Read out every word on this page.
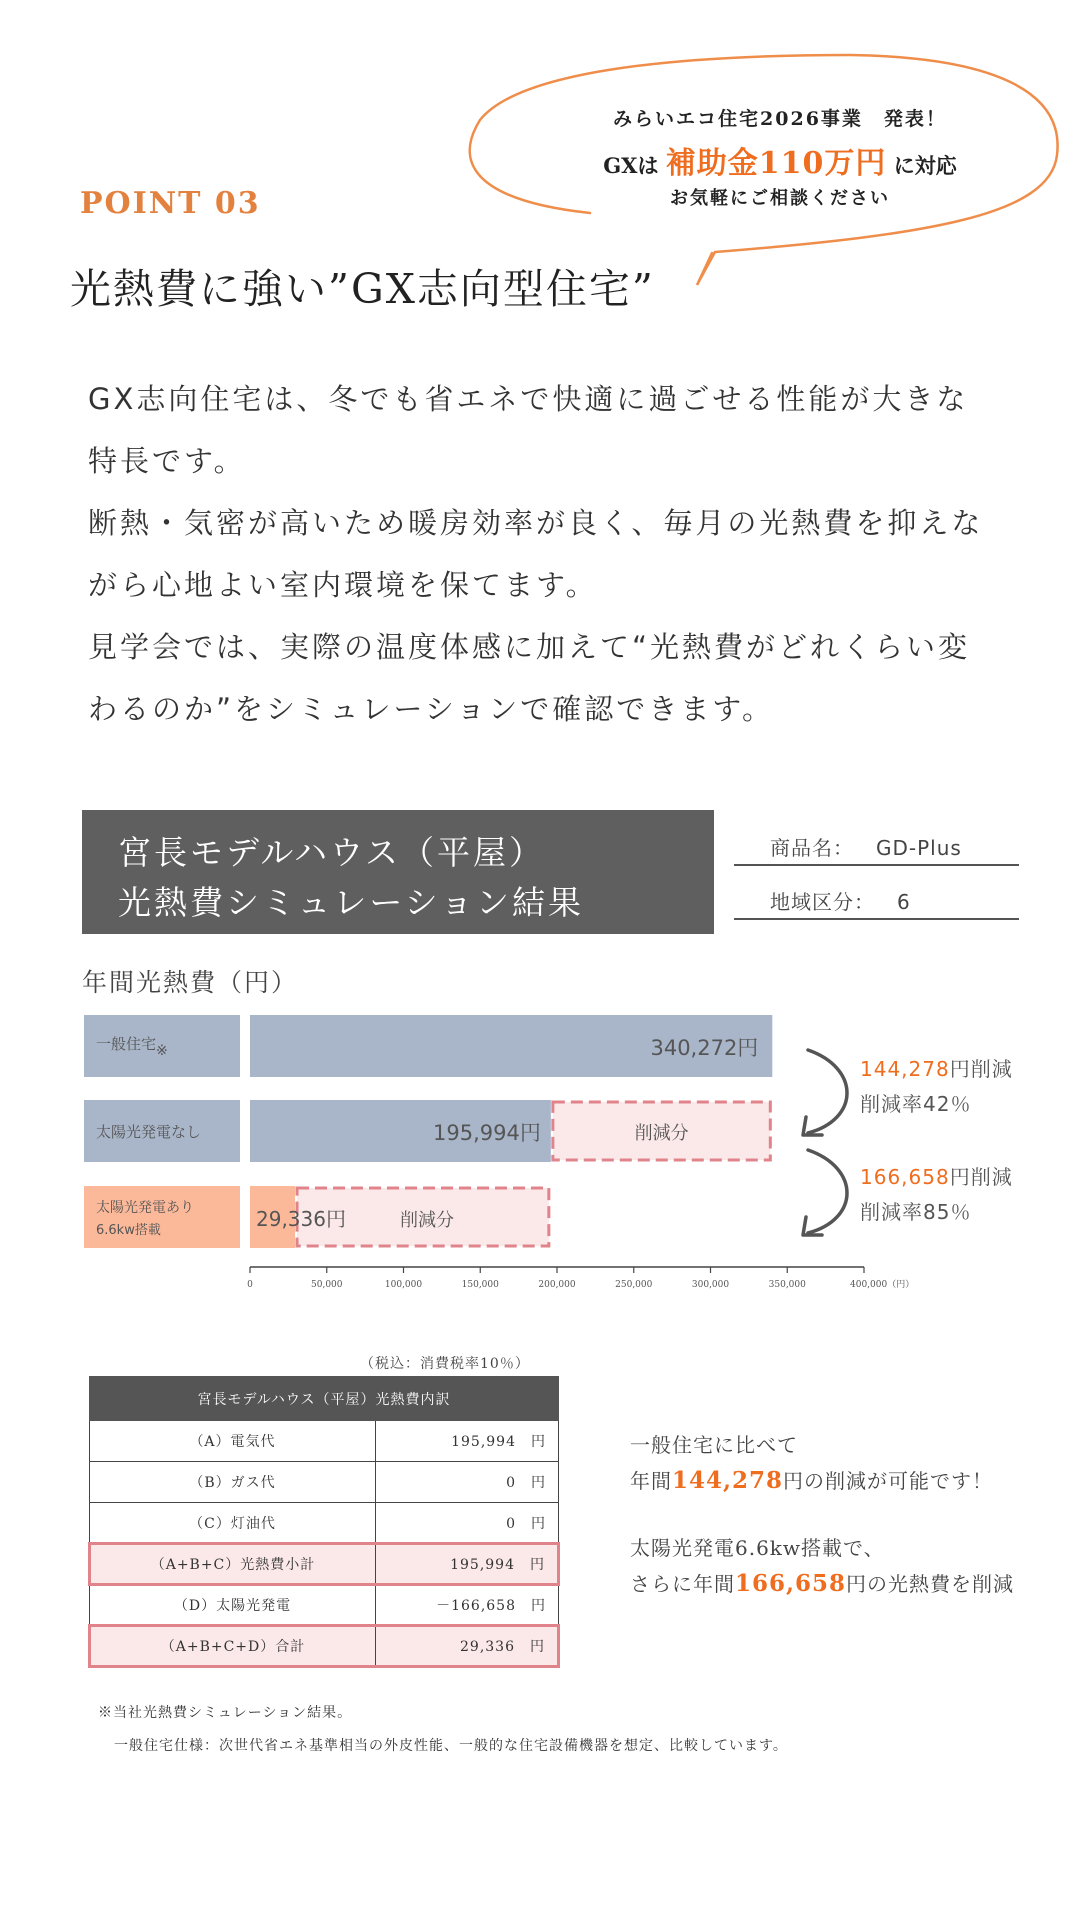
みらいエコ住宅2026事業　発表！
GXは 補助金110万円 に対応
お気軽にご相談ください
POINT 03
光熱費に強い”GX志向型住宅”

GX志向住宅は、冬でも省エネで快適に過ごせる性能が大きな

特長です。

断熱・気密が高いため暖房効率が良く、毎月の光熱費を抑えな

がら心地よい室内環境を保てます。

見学会では、実際の温度体感に加えて“光熱費がどれくらい変

わるのか”をシミュレーションで確認できます。

宮長モデルハウス（平屋）
光熱費シミュレーション結果
商品名： GD-Plus
地域区分： 6
年間光熱費（円）
一般住宅※
太陽光発電なし
太陽光発電あり
6.6kw搭載
340,272円
195,994円	削減分
29,336円	削減分
0	50,000	100,000	150,000	200,000	250,000	300,000	350,000	400,000（円）
144,278円削減
削減率42％
166,658円削減
削減率85％
（税込：消費税率10％）
宮長モデルハウス（平屋）光熱費内訳	
（A）電気代	195,994　 円
（B）ガス代	0　 円
（C）灯油代	0　 円
（A+B+C）光熱費小計	195,994　 円
（D）太陽光発電	－166,658　 円
（A+B+C+D）合計	29,336　 円
一般住宅に比べて
年間144,278円の削減が可能です！
太陽光発電6.6kw搭載で、
さらに年間166,658円の光熱費を削減
※当社光熱費シミュレーション結果。
一般住宅仕様：次世代省エネ基準相当の外皮性能、一般的な住宅設備機器を想定、比較しています。
